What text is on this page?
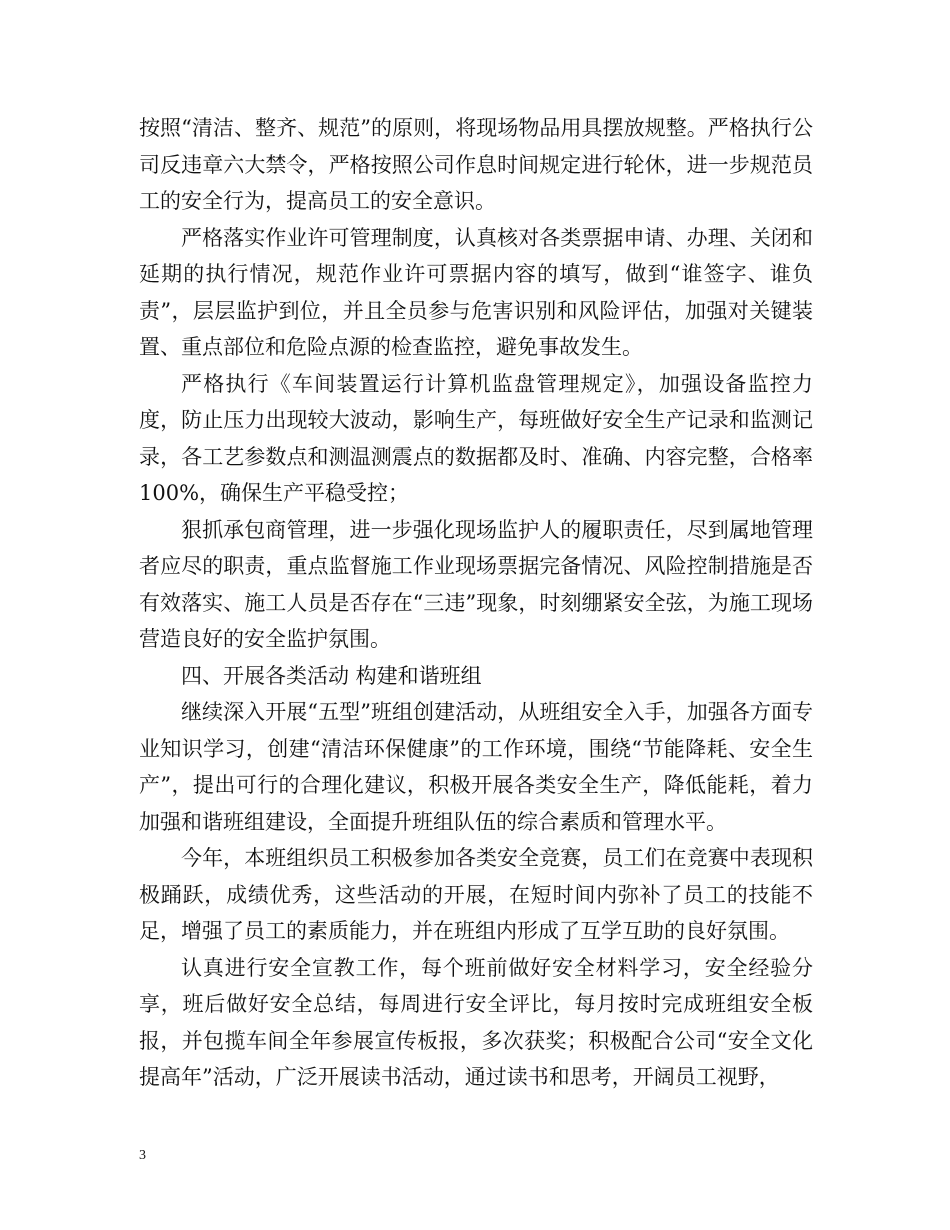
按照“清洁、整齐、规范”的原则，将现场物品用具摆放规整。严格执行公司反违章六大禁令，严格按照公司作息时间规定进行轮休，进一步规范员工的安全行为，提高员工的安全意识。

严格落实作业许可管理制度，认真核对各类票据申请、办理、关闭和延期的执行情况，规范作业许可票据内容的填写，做到“谁签字、谁负责”，层层监护到位，并且全员参与危害识别和风险评估，加强对关键装置、重点部位和危险点源的检查监控，避免事故发生。

严格执行《车间装置运行计算机监盘管理规定》，加强设备监控力度，防止压力出现较大波动，影响生产，每班做好安全生产记录和监测记录，各工艺参数点和测温测震点的数据都及时、准确、内容完整，合格率 100%，确保生产平稳受控；

狠抓承包商管理，进一步强化现场监护人的履职责任，尽到属地管理者应尽的职责，重点监督施工作业现场票据完备情况、风险控制措施是否有效落实、施工人员是否存在“三违”现象，时刻绷紧安全弦，为施工现场营造良好的安全监护氛围。

四、开展各类活动 构建和谐班组

继续深入开展“五型”班组创建活动，从班组安全入手，加强各方面专业知识学习，创建“清洁环保健康”的工作环境，围绕“节能降耗、安全生产”，提出可行的合理化建议，积极开展各类安全生产，降低能耗，着力加强和谐班组建设，全面提升班组队伍的综合素质和管理水平。

今年，本班组织员工积极参加各类安全竞赛，员工们在竞赛中表现积极踊跃，成绩优秀，这些活动的开展，在短时间内弥补了员工的技能不足，增强了员工的素质能力，并在班组内形成了互学互助的良好氛围。

认真进行安全宣教工作，每个班前做好安全材料学习，安全经验分享，班后做好安全总结，每周进行安全评比，每月按时完成班组安全板报，并包揽车间全年参展宣传板报，多次获奖；积极配合公司“安全文化提高年”活动，广泛开展读书活动，通过读书和思考，开阔员工视野，

3
